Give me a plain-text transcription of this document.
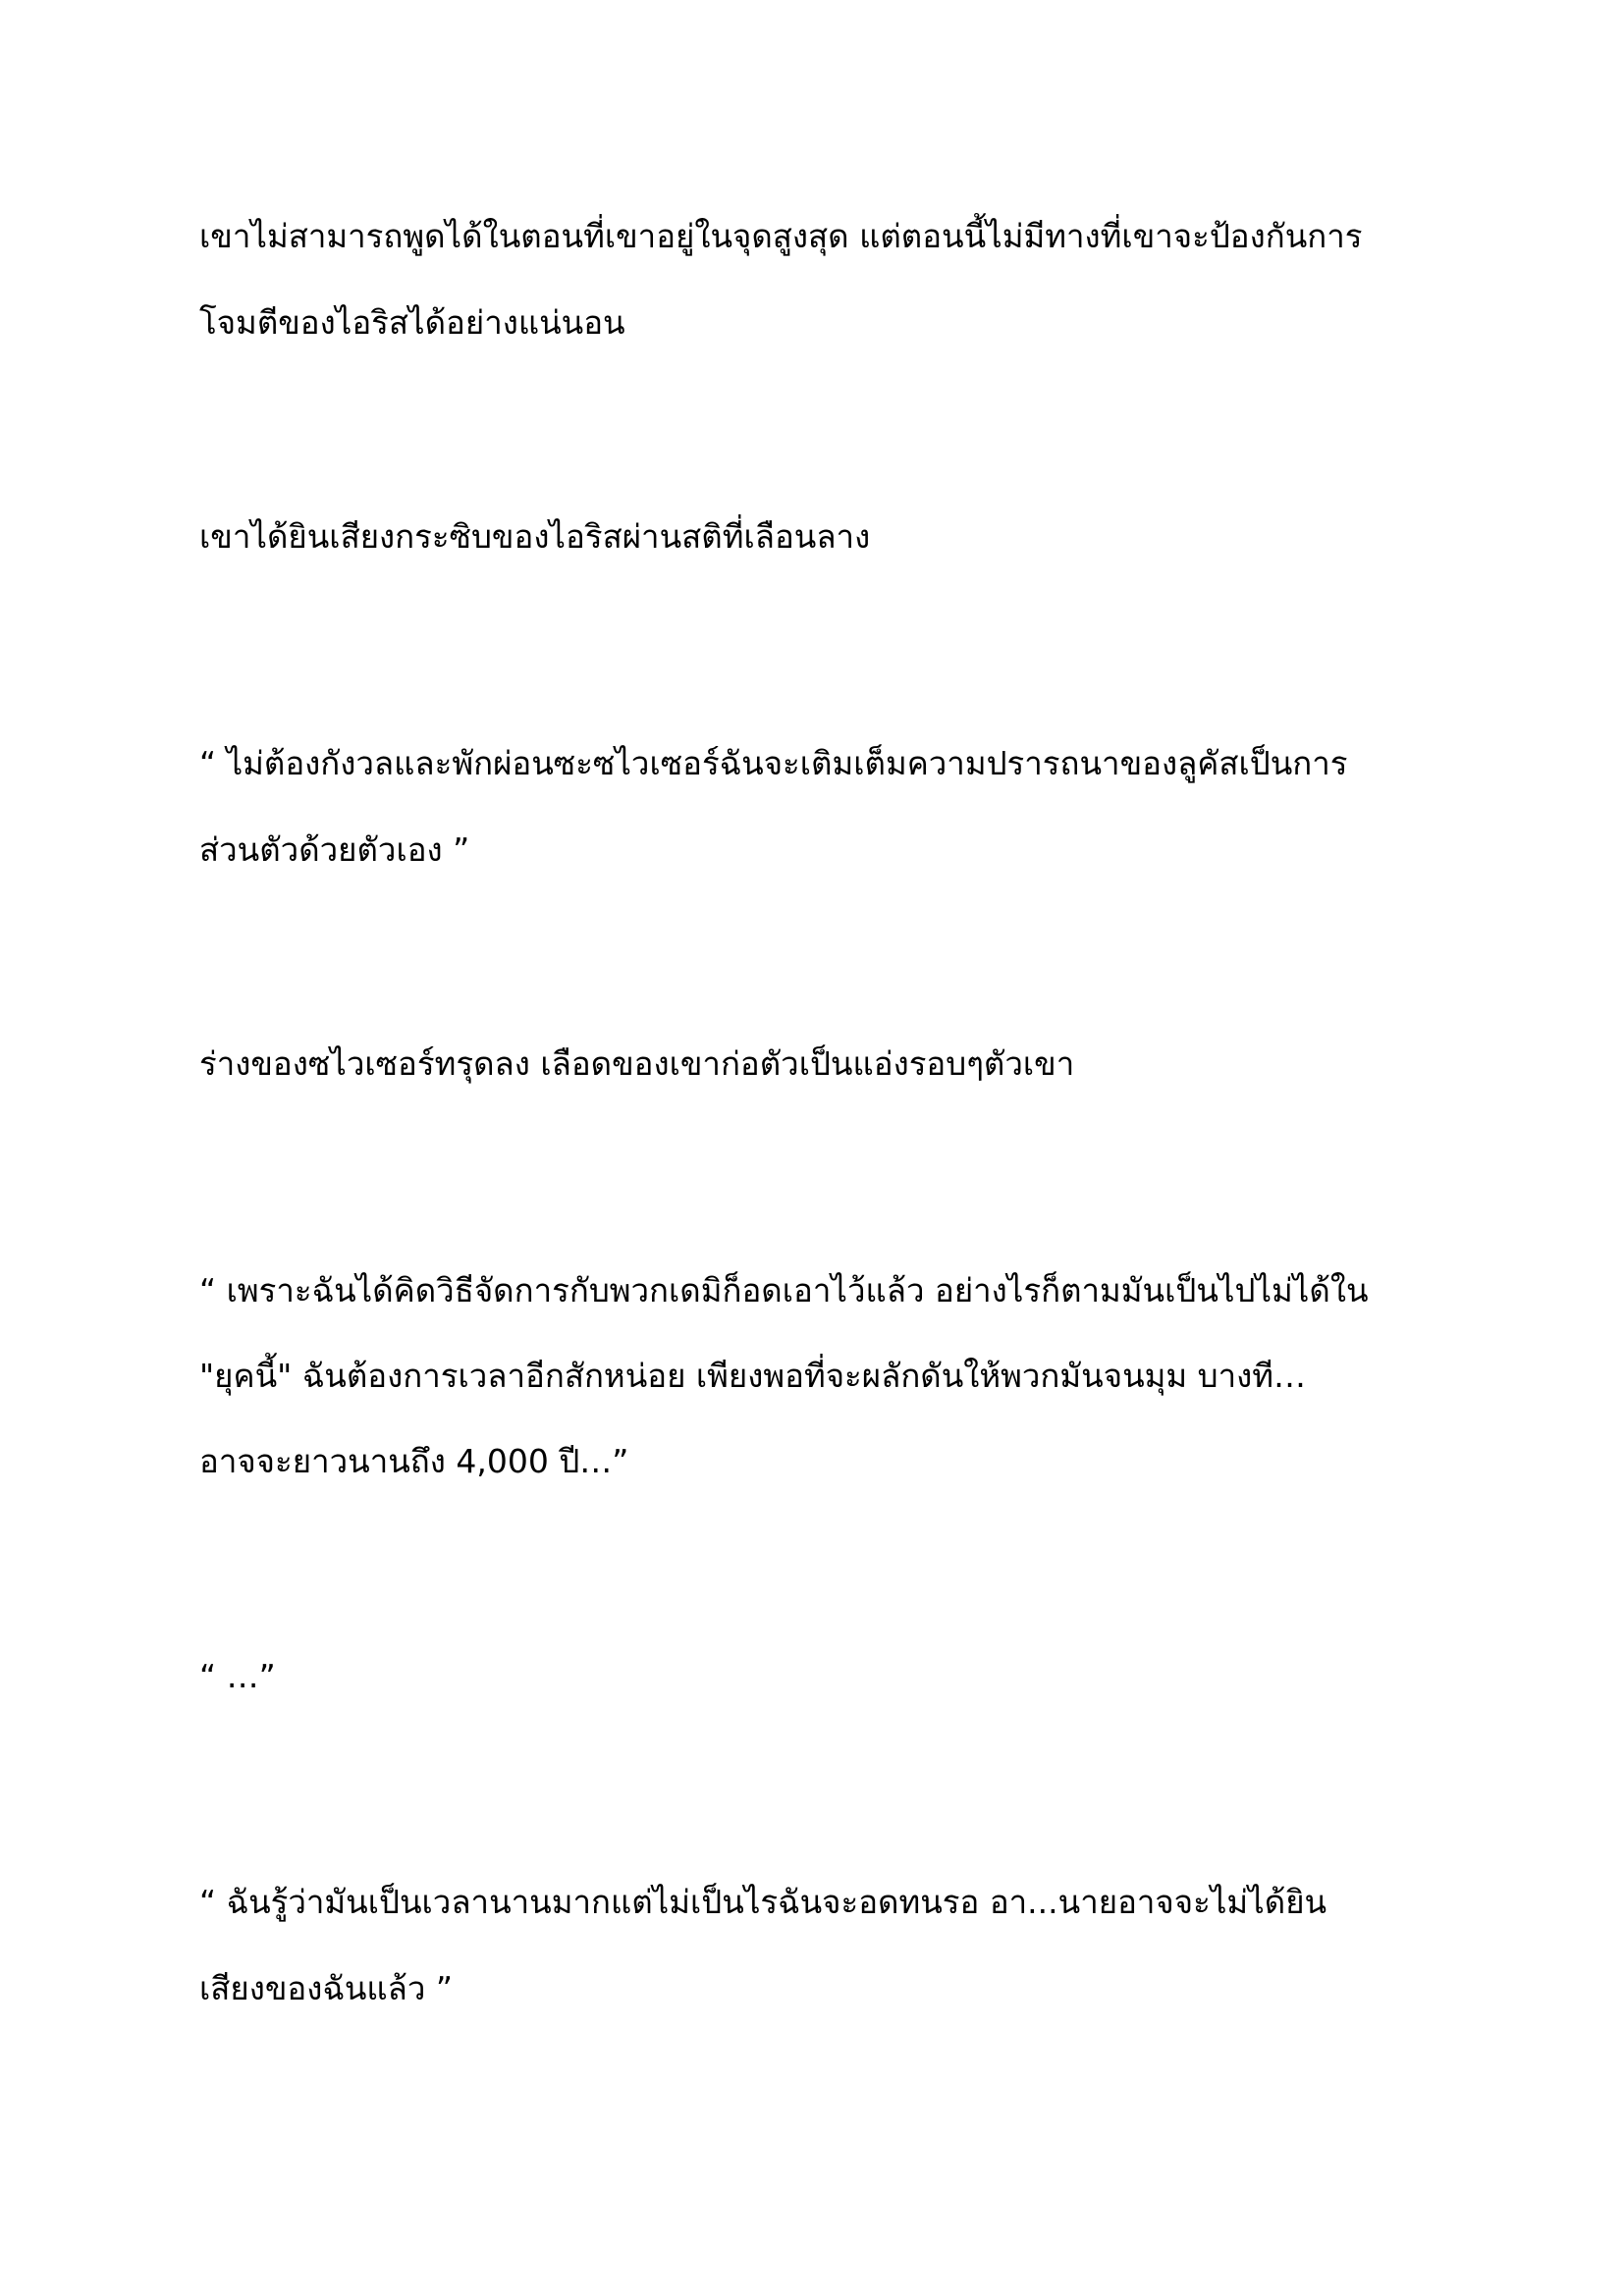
เขาไม่สามารถพูดได้ในตอนที่เขาอยู่ในจุดสูงสุด แต่ตอนนี้ไม่มีทางที่เขาจะป้องกันการ

โจมตีของไอริสได้อย่างแน่นอน

เขาได้ยินเสียงกระซิบของไอริสผ่านสติที่เลือนลาง

“ ไม่ต้องกังวลและพักผ่อนซะซไวเซอร์ฉันจะเติมเต็มความปรารถนาของลูคัสเป็นการ

ส่วนตัวด้วยตัวเอง ”

ร่างของซไวเซอร์ทรุดลง เลือดของเขาก่อตัวเป็นแอ่งรอบๆตัวเขา

“ เพราะฉันได้คิดวิธีจัดการกับพวกเดมิก็อดเอาไว้แล้ว อย่างไรก็ตามมันเป็นไปไม่ได้ใน

"ยุคนี้" ฉันต้องการเวลาอีกสักหน่อย เพียงพอที่จะผลักดันให้พวกมันจนมุม บางที…

อาจจะยาวนานถึง 4,000 ปี…”

“ …”

“ ฉันรู้ว่ามันเป็นเวลานานมากแต่ไม่เป็นไรฉันจะอดทนรอ อา...นายอาจจะไม่ได้ยิน

เสียงของฉันแล้ว ”
